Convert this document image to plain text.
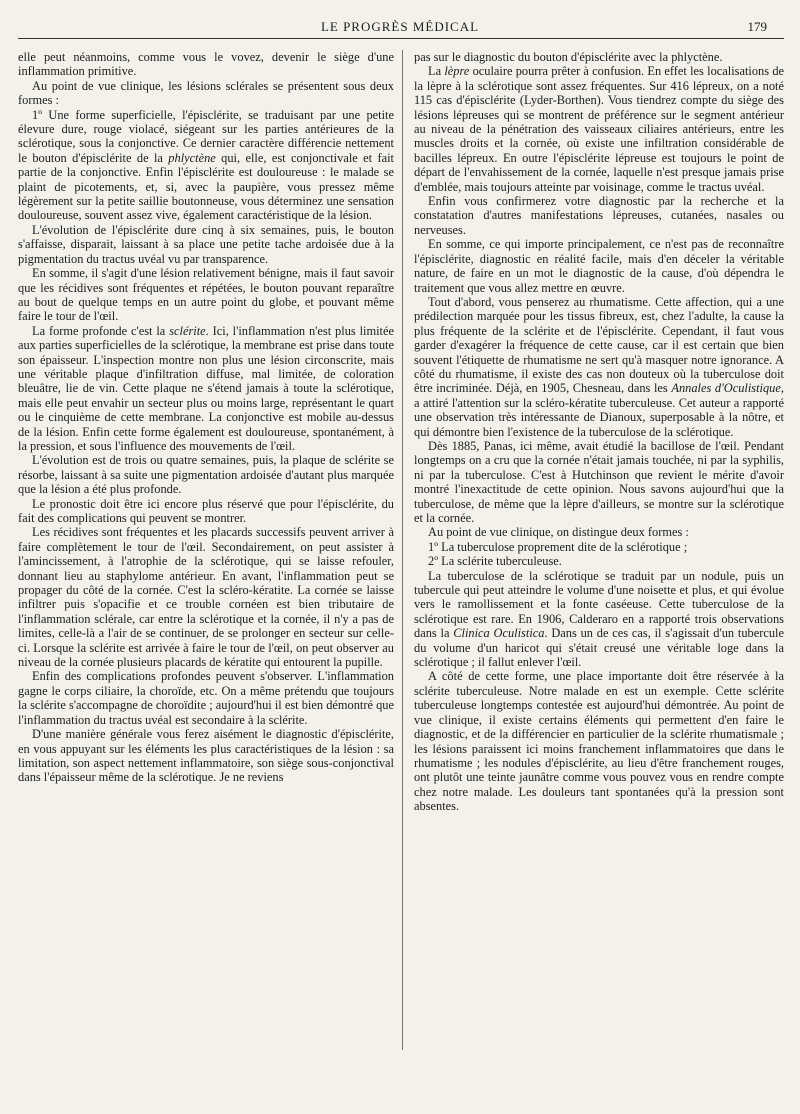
LE PROGRÈS MÉDICAL	179

elle peut néanmoins, comme vous le vovez, devenir le siège d'une inflammation primitive.

Au point de vue clinique, les lésions sclérales se présentent sous deux formes :

1º Une forme superficielle, l'épisclérite, se traduisant par une petite élevure dure, rouge violacé, siégeant sur les parties antérieures de la sclérotique, sous la conjonctive. Ce dernier caractère différencie nettement le bouton d'épisclérite de la phlyctène qui, elle, est conjonctivale et fait partie de la conjonctive. Enfin l'épisclérite est douloureuse : le malade se plaint de picotements, et, si, avec la paupière, vous pressez même légèrement sur la petite saillie boutonneuse, vous déterminez une sensation douloureuse, souvent assez vive, également caractéristique de la lésion.

L'évolution de l'épisclérite dure cinq à six semaines, puis, le bouton s'affaisse, disparait, laissant à sa place une petite tache ardoisée due à la pigmentation du tractus uvéal vu par transparence.

En somme, il s'agit d'une lésion relativement bénigne, mais il faut savoir que les récidives sont fréquentes et répétées, le bouton pouvant reparaître au bout de quelque temps en un autre point du globe, et pouvant même faire le tour de l'œil.

La forme profonde c'est la sclérite. Ici, l'inflammation n'est plus limitée aux parties superficielles de la sclérotique, la membrane est prise dans toute son épaisseur. L'inspection montre non plus une lésion circonscrite, mais une véritable plaque d'infiltration diffuse, mal limitée, de coloration bleuâtre, lie de vin. Cette plaque ne s'étend jamais à toute la sclérotique, mais elle peut envahir un secteur plus ou moins large, représentant le quart ou le cinquième de cette membrane. La conjonctive est mobile au-dessus de la lésion. Enfin cette forme également est douloureuse, spontanément, à la pression, et sous l'influence des mouvements de l'œil.

L'évolution est de trois ou quatre semaines, puis, la plaque de sclérite se résorbe, laissant à sa suite une pigmentation ardoisée d'autant plus marquée que la lésion a été plus profonde.

Le pronostic doit être ici encore plus réservé que pour l'épisclérite, du fait des complications qui peuvent se montrer.

Les récidives sont fréquentes et les placards successifs peuvent arriver à faire complètement le tour de l'œil. Secondairement, on peut assister à l'amincissement, à l'atrophie de la sclérotique, qui se laisse refouler, donnant lieu au staphylome antérieur. En avant, l'inflammation peut se propager du côté de la cornée. C'est la scléro-kératite. La cornée se laisse infiltrer puis s'opacifie et ce trouble cornéen est bien tributaire de l'inflammation sclérale, car entre la sclérotique et la cornée, il n'y a pas de limites, celle-là a l'air de se continuer, de se prolonger en secteur sur celle-ci. Lorsque la sclérite est arrivée à faire le tour de l'œil, on peut observer au niveau de la cornée plusieurs placards de kératite qui entourent la pupille.

Enfin des complications profondes peuvent s'observer. L'inflammation gagne le corps ciliaire, la choroïde, etc. On a même prétendu que toujours la sclérite s'accompagne de choroïdite ; aujourd'hui il est bien démontré que l'inflammation du tractus uvéal est secondaire à la sclérite.

D'une manière générale vous ferez aisément le diagnostic d'épisclérite, en vous appuyant sur les éléments les plus caractéristiques de la lésion : sa limitation, son aspect nettement inflammatoire, son siège sous-conjonctival dans l'épaisseur même de la sclérotique. Je ne reviens

pas sur le diagnostic du bouton d'épisclérite avec la phlyctène.

La lèpre oculaire pourra prêter à confusion. En effet les localisations de la lèpre à la sclérotique sont assez fréquentes. Sur 416 lépreux, on a noté 115 cas d'épisclérite (Lyder-Borthen). Vous tiendrez compte du siège des lésions lépreuses qui se montrent de préférence sur le segment antérieur au niveau de la pénétration des vaisseaux ciliaires antérieurs, entre les muscles droits et la cornée, où existe une infiltration considérable de bacilles lépreux. En outre l'épisclérite lépreuse est toujours le point de départ de l'envahissement de la cornée, laquelle n'est presque jamais prise d'emblée, mais toujours atteinte par voisinage, comme le tractus uvéal.

Enfin vous confirmerez votre diagnostic par la recherche et la constatation d'autres manifestations lépreuses, cutanées, nasales ou nerveuses.

En somme, ce qui importe principalement, ce n'est pas de reconnaître l'épisclérite, diagnostic en réalité facile, mais d'en déceler la véritable nature, de faire en un mot le diagnostic de la cause, d'où dépendra le traitement que vous allez mettre en œuvre.

Tout d'abord, vous penserez au rhumatisme. Cette affection, qui a une prédilection marquée pour les tissus fibreux, est, chez l'adulte, la cause la plus fréquente de la sclérite et de l'épisclérite. Cependant, il faut vous garder d'exagérer la fréquence de cette cause, car il est certain que bien souvent l'étiquette de rhumatisme ne sert qu'à masquer notre ignorance. A côté du rhumatisme, il existe des cas non douteux où la tuberculose doit être incriminée. Déjà, en 1905, Chesneau, dans les Annales d'Oculistique, a attiré l'attention sur la scléro-kératite tuberculeuse. Cet auteur a rapporté une observation très intéressante de Dianoux, superposable à la nôtre, et qui démontre bien l'existence de la tuberculose de la sclérotique.

Dès 1885, Panas, ici même, avait étudié la bacillose de l'œil. Pendant longtemps on a cru que la cornée n'était jamais touchée, ni par la syphilis, ni par la tuberculose. C'est à Hutchinson que revient le mérite d'avoir montré l'inexactitude de cette opinion. Nous savons aujourd'hui que la tuberculose, de même que la lèpre d'ailleurs, se montre sur la sclérotique et la cornée.

Au point de vue clinique, on distingue deux formes :

1º La tuberculose proprement dite de la sclérotique ;

2º La sclérite tuberculeuse.

La tuberculose de la sclérotique se traduit par un nodule, puis un tubercule qui peut atteindre le volume d'une noisette et plus, et qui évolue vers le ramollissement et la fonte caséeuse. Cette tuberculose de la sclérotique est rare. En 1906, Calderaro en a rapporté trois observations dans la Clinica Oculistica. Dans un de ces cas, il s'agissait d'un tubercule du volume d'un haricot qui s'était creusé une véritable loge dans la sclérotique ; il fallut enlever l'œil.

A côté de cette forme, une place importante doit être réservée à la sclérite tuberculeuse. Notre malade en est un exemple. Cette sclérite tuberculeuse longtemps contestée est aujourd'hui démontrée. Au point de vue clinique, il existe certains éléments qui permettent d'en faire le diagnostic, et de la différencier en particulier de la sclérite rhumatismale ; les lésions paraissent ici moins franchement inflammatoires que dans le rhumatisme ; les nodules d'épisclérite, au lieu d'être franchement rouges, ont plutôt une teinte jaunâtre comme vous pouvez vous en rendre compte chez notre malade. Les douleurs tant spontanées qu'à la pression sont absentes.
